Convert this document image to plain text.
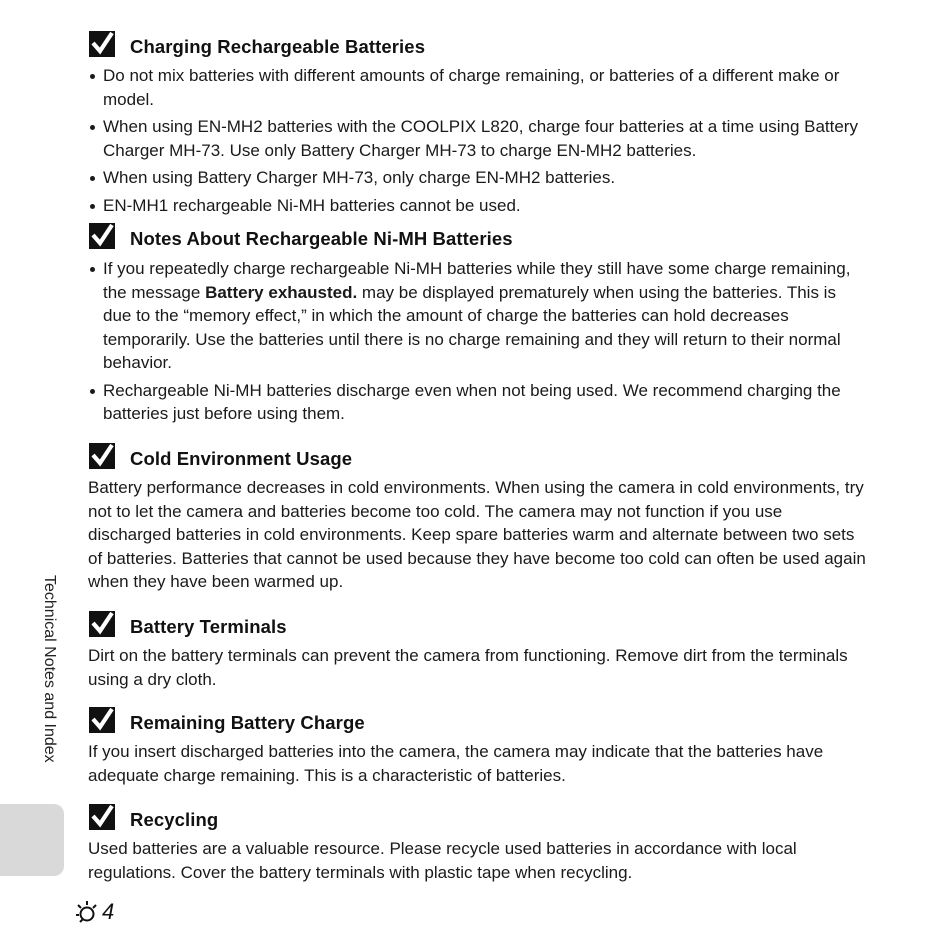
Charging Rechargeable Batteries
Do not mix batteries with different amounts of charge remaining, or batteries of a different make or model.
When using EN-MH2 batteries with the COOLPIX L820, charge four batteries at a time using Battery Charger MH-73. Use only Battery Charger MH-73 to charge EN-MH2 batteries.
When using Battery Charger MH-73, only charge EN-MH2 batteries.
EN-MH1 rechargeable Ni-MH batteries cannot be used.
Notes About Rechargeable Ni-MH Batteries
If you repeatedly charge rechargeable Ni-MH batteries while they still have some charge remaining, the message Battery exhausted. may be displayed prematurely when using the batteries. This is due to the “memory effect,” in which the amount of charge the batteries can hold decreases temporarily. Use the batteries until there is no charge remaining and they will return to their normal behavior.
Rechargeable Ni-MH batteries discharge even when not being used. We recommend charging the batteries just before using them.
Cold Environment Usage

Battery performance decreases in cold environments. When using the camera in cold environments, try not to let the camera and batteries become too cold. The camera may not function if you use discharged batteries in cold environments. Keep spare batteries warm and alternate between two sets of batteries. Batteries that cannot be used because they have become too cold can often be used again when they have been warmed up.

Battery Terminals

Dirt on the battery terminals can prevent the camera from functioning. Remove dirt from the terminals using a dry cloth.

Remaining Battery Charge

If you insert discharged batteries into the camera, the camera may indicate that the batteries have adequate charge remaining. This is a characteristic of batteries.

Recycling

Used batteries are a valuable resource. Please recycle used batteries in accordance with local regulations. Cover the battery terminals with plastic tape when recycling.

Technical Notes and Index
4
